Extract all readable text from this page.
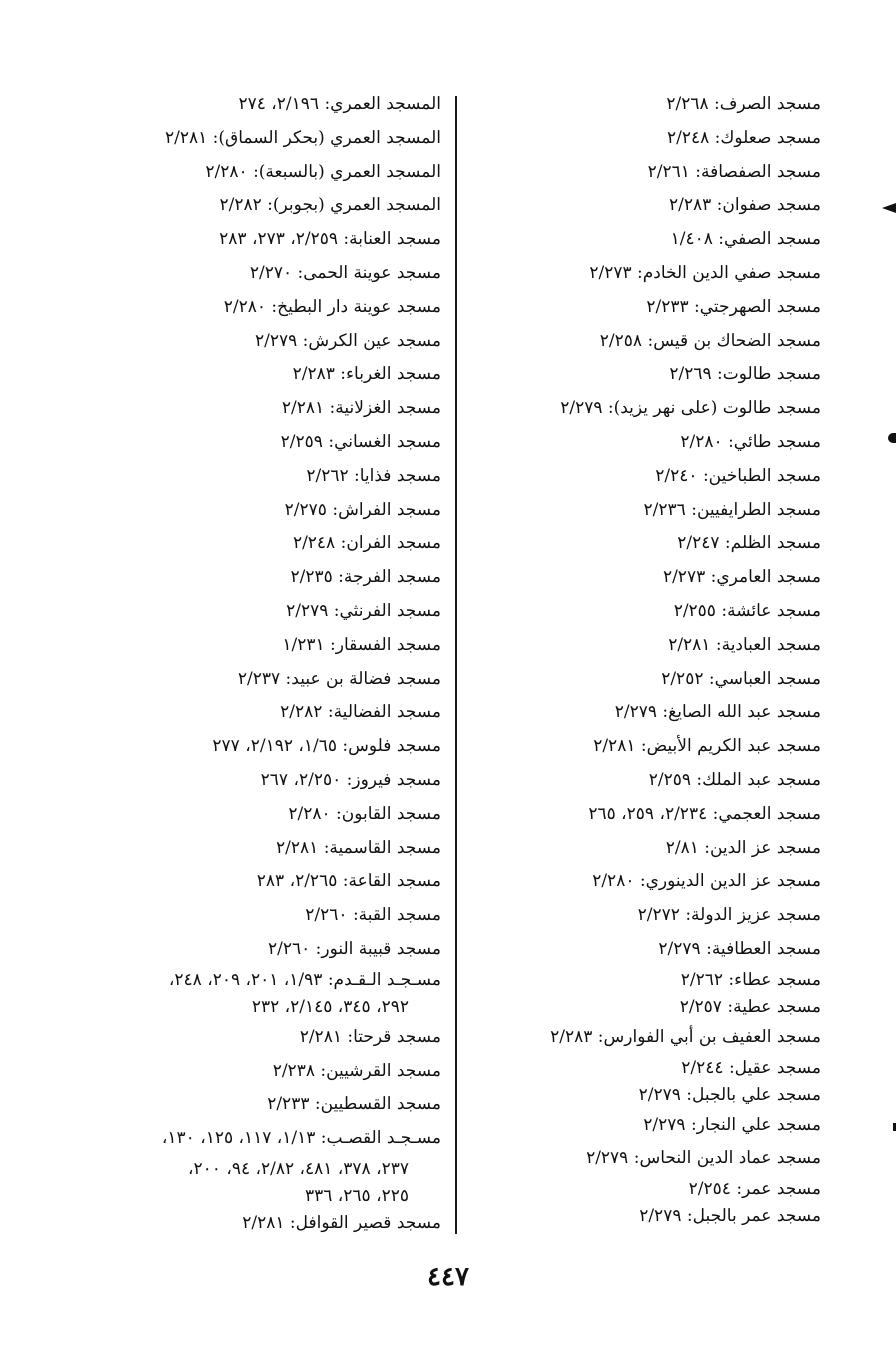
مسجد الصرف: ٢/٢٦٨
مسجد صعلوك: ٢/٢٤٨
مسجد الصفصافة: ٢/٢٦١
مسجد صفوان: ٢/٢٨٣
مسجد الصفي: ١/٤٠٨
مسجد صفي الدين الخادم: ٢/٢٧٣
مسجد الصهرجتي: ٢/٢٣٣
مسجد الضحاك بن قيس: ٢/٢٥٨
مسجد طالوت: ٢/٢٦٩
مسجد طالوت (على نهر يزيد): ٢/٢٧٩
مسجد طائي: ٢/٢٨٠
مسجد الطباخين: ٢/٢٤٠
مسجد الطرايفيين: ٢/٢٣٦
مسجد الظلم: ٢/٢٤٧
مسجد العامري: ٢/٢٧٣
مسجد عائشة: ٢/٢٥٥
مسجد العبادية: ٢/٢٨١
مسجد العباسي: ٢/٢٥٢
مسجد عبد الله الصايغ: ٢/٢٧٩
مسجد عبد الكريم الأبيض: ٢/٢٨١
مسجد عبد الملك: ٢/٢٥٩
مسجد العجمي: ٢/٢٣٤، ٢٥٩، ٢٦٥
مسجد عز الدين: ٢/٨١
مسجد عز الدين الدينوري: ٢/٢٨٠
مسجد عزيز الدولة: ٢/٢٧٢
مسجد العطافية: ٢/٢٧٩
مسجد عطاء: ٢/٢٦٢
مسجد عطية: ٢/٢٥٧
مسجد العفيف بن أبي الفوارس: ٢/٢٨٣
مسجد عقيل: ٢/٢٤٤
مسجد علي بالجبل: ٢/٢٧٩
مسجد علي النجار: ٢/٢٧٩
مسجد عماد الدين النحاس: ٢/٢٧٩
مسجد عمر: ٢/٢٥٤
مسجد عمر بالجبل: ٢/٢٧٩
المسجد العمري: ٢/١٩٦، ٢٧٤
المسجد العمري (بحكر السماق): ٢/٢٨١
المسجد العمري (بالسبعة): ٢/٢٨٠
المسجد العمري (بجوبر): ٢/٢٨٢
مسجد العنابة: ٢/٢٥٩، ٢٧٣، ٢٨٣
مسجد عوينة الحمى: ٢/٢٧٠
مسجد عوينة دار البطيخ: ٢/٢٨٠
مسجد عين الكرش: ٢/٢٧٩
مسجد الغرباء: ٢/٢٨٣
مسجد الغزلانية: ٢/٢٨١
مسجد الغساني: ٢/٢٥٩
مسجد فذايا: ٢/٢٦٢
مسجد الفراش: ٢/٢٧٥
مسجد الفران: ٢/٢٤٨
مسجد الفرجة: ٢/٢٣٥
مسجد الفرنثي: ٢/٢٧٩
مسجد الفسقار: ١/٢٣١
مسجد فضالة بن عبيد: ٢/٢٣٧
مسجد الفضالية: ٢/٢٨٢
مسجد فلوس: ١/٦٥، ٢/١٩٢، ٢٧٧
مسجد فيروز: ٢/٢٥٠، ٢٦٧
مسجد القابون: ٢/٢٨٠
مسجد القاسمية: ٢/٢٨١
مسجد القاعة: ٢/٢٦٥، ٢٨٣
مسجد القبة: ٢/٢٦٠
مسجد قبيبة النور: ٢/٢٦٠
مسـجـد الـقـدم: ١/٩٣، ٢٠١، ٢٠٩، ٢٤٨،
٢٩٢، ٣٤٥، ٢/١٤٥، ٢٣٢
مسجد قرحتا: ٢/٢٨١
مسجد القرشيين: ٢/٢٣٨
مسجد القسطيين: ٢/٢٣٣
مسـجـد القصـب: ١/١٣، ١١٧، ١٢٥، ١٣٠،
٢٣٧، ٣٧٨، ٤٨١، ٢/٨٢، ٩٤، ٢٠٠،
٢٢٥، ٢٦٥، ٣٣٦
مسجد قصير القوافل: ٢/٢٨١
٤٤٧
